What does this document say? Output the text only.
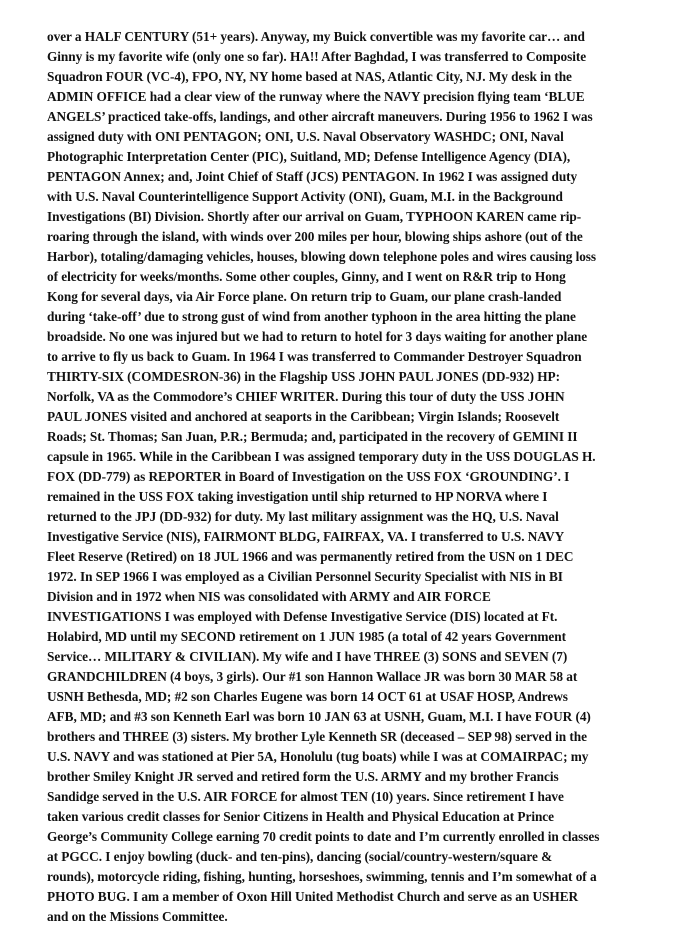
over a HALF CENTURY (51+ years). Anyway, my Buick convertible was my favorite car… and
Ginny is my favorite wife (only one so far). HA!! After Baghdad, I was transferred to Composite
Squadron FOUR (VC-4), FPO, NY, NY home based at NAS, Atlantic City, NJ. My desk in the
ADMIN OFFICE had a clear view of the runway where the NAVY precision flying team ‘BLUE
ANGELS’ practiced take-offs, landings, and other aircraft maneuvers. During 1956 to 1962 I was
assigned duty with ONI PENTAGON; ONI, U.S. Naval Observatory WASHDC; ONI, Naval
Photographic Interpretation Center (PIC), Suitland, MD; Defense Intelligence Agency (DIA),
PENTAGON Annex; and, Joint Chief of Staff (JCS) PENTAGON. In 1962 I was assigned duty
with U.S. Naval Counterintelligence Support Activity (ONI), Guam, M.I. in the Background
Investigations (BI) Division. Shortly after our arrival on Guam, TYPHOON KAREN came rip-
roaring through the island, with winds over 200 miles per hour, blowing ships ashore (out of the
Harbor), totaling/damaging vehicles, houses, blowing down telephone poles and wires causing loss
of electricity for weeks/months. Some other couples, Ginny, and I went on R&R trip to Hong
Kong for several days, via Air Force plane. On return trip to Guam, our plane crash-landed
during ‘take-off’ due to strong gust of wind from another typhoon in the area hitting the plane
broadside. No one was injured but we had to return to hotel for 3 days waiting for another plane
to arrive to fly us back to Guam. In 1964 I was transferred to Commander Destroyer Squadron
THIRTY-SIX (COMDESRON-36) in the Flagship USS JOHN PAUL JONES (DD-932) HP:
Norfolk, VA as the Commodore’s CHIEF WRITER. During this tour of duty the USS JOHN
PAUL JONES visited and anchored at seaports in the Caribbean; Virgin Islands; Roosevelt
Roads; St. Thomas; San Juan, P.R.; Bermuda; and, participated in the recovery of GEMINI II
capsule in 1965. While in the Caribbean I was assigned temporary duty in the USS DOUGLAS H.
FOX (DD-779) as REPORTER in Board of Investigation on the USS FOX ‘GROUNDING’. I
remained in the USS FOX taking investigation until ship returned to HP NORVA where I
returned to the JPJ (DD-932) for duty. My last military assignment was the HQ, U.S. Naval
Investigative Service (NIS), FAIRMONT BLDG, FAIRFAX, VA. I transferred to U.S. NAVY
Fleet Reserve (Retired) on 18 JUL 1966 and was permanently retired from the USN on 1 DEC
1972. In SEP 1966 I was employed as a Civilian Personnel Security Specialist with NIS in BI
Division and in 1972 when NIS was consolidated with ARMY and AIR FORCE
INVESTIGATIONS I was employed with Defense Investigative Service (DIS) located at Ft.
Holabird, MD until my SECOND retirement on 1 JUN 1985 (a total of 42 years Government
Service… MILITARY & CIVILIAN). My wife and I have THREE (3) SONS and SEVEN (7)
GRANDCHILDREN (4 boys, 3 girls). Our #1 son Hannon Wallace JR was born 30 MAR 58 at
USNH Bethesda, MD; #2 son Charles Eugene was born 14 OCT 61 at USAF HOSP, Andrews
AFB, MD; and #3 son Kenneth Earl was born 10 JAN 63 at USNH, Guam, M.I. I have FOUR (4)
brothers and THREE (3) sisters. My brother Lyle Kenneth SR (deceased – SEP 98) served in the
U.S. NAVY and was stationed at Pier 5A, Honolulu (tug boats) while I was at COMAIRPAC; my
brother Smiley Knight JR served and retired form the U.S. ARMY and my brother Francis
Sandidge served in the U.S. AIR FORCE for almost TEN (10) years. Since retirement I have
taken various credit classes for Senior Citizens in Health and Physical Education at Prince
George’s Community College earning 70 credit points to date and I’m currently enrolled in classes
at PGCC. I enjoy bowling (duck- and ten-pins), dancing (social/country-western/square &
rounds), motorcycle riding, fishing, hunting, horseshoes, swimming, tennis and I’m somewhat of a
PHOTO BUG. I am a member of Oxon Hill United Methodist Church and serve as an USHER
and on the Missions Committee.
